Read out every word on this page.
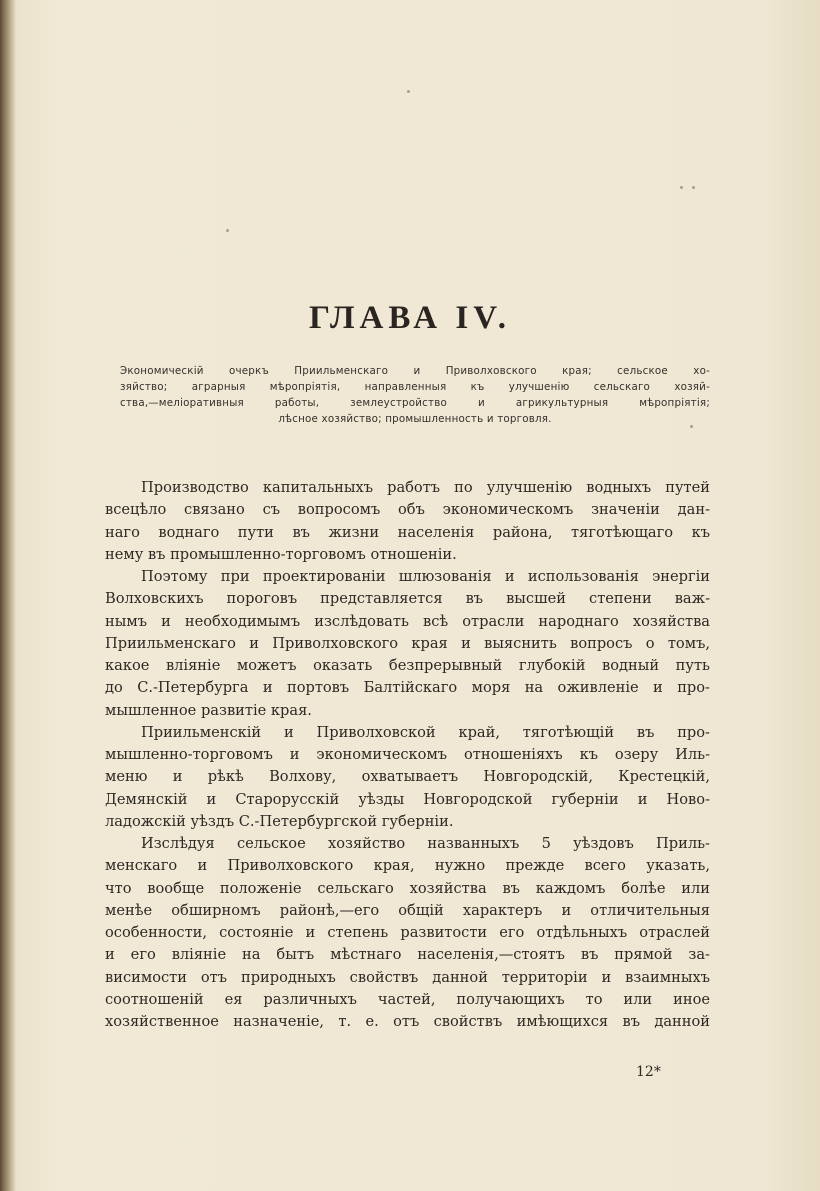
ГЛАВА IV.
Экономическій очеркъ Приильменскаго и Приволховского края; сельское хо-
зяйство; аграрныя мѣропріятія, направленныя къ улучшенію сельскаго хозяй-
ства,—меліоративныя работы, землеустройство и агрикультурныя мѣропріятія;
лѣсное хозяйство; промышленность и торговля.
Производство капитальныхъ работъ по улучшенію водныхъ путей
всецѣло связано съ вопросомъ объ экономическомъ значеніи дан-
наго воднаго пути въ жизни населенія района, тяготѣющаго къ
нему въ промышленно-торговомъ отношеніи.
Поэтому при проектированіи шлюзованія и использованія энергіи
Волховскихъ пороговъ представляется въ высшей степени важ-
нымъ и необходимымъ изслѣдовать всѣ отрасли народнаго хозяйства
Приильменскаго и Приволховского края и выяснить вопросъ о томъ,
какое вліяніе можетъ оказать безпрерывный глубокій водный путь
до С.-Петербурга и портовъ Балтійскаго моря на оживленіе и про-
мышленное развитіе края.
Приильменскій и Приволховской край, тяготѣющій въ про-
мышленно-торговомъ и экономическомъ отношеніяхъ къ озеру Иль-
меню и рѣкѣ Волхову, охватываетъ Новгородскій, Крестецкій,
Демянскій и Старорусскій уѣзды Новгородской губерніи и Ново-
ладожскій уѣздъ С.-Петербургской губерніи.
Изслѣдуя сельское хозяйство названныхъ 5 уѣздовъ Приль-
менскаго и Приволховского края, нужно прежде всего указать,
что вообще положеніе сельскаго хозяйства въ каждомъ болѣе или
менѣе обширномъ районѣ,—его общій характеръ и отличительныя
особенности, состояніе и степень развитости его отдѣльныхъ отраслей
и его вліяніе на бытъ мѣстнаго населенія,—стоятъ въ прямой за-
висимости отъ природныхъ свойствъ данной территоріи и взаимныхъ
соотношеній ея различныхъ частей, получающихъ то или иное
хозяйственное назначеніе, т. е. отъ свойствъ имѣющихся въ данной
12*
